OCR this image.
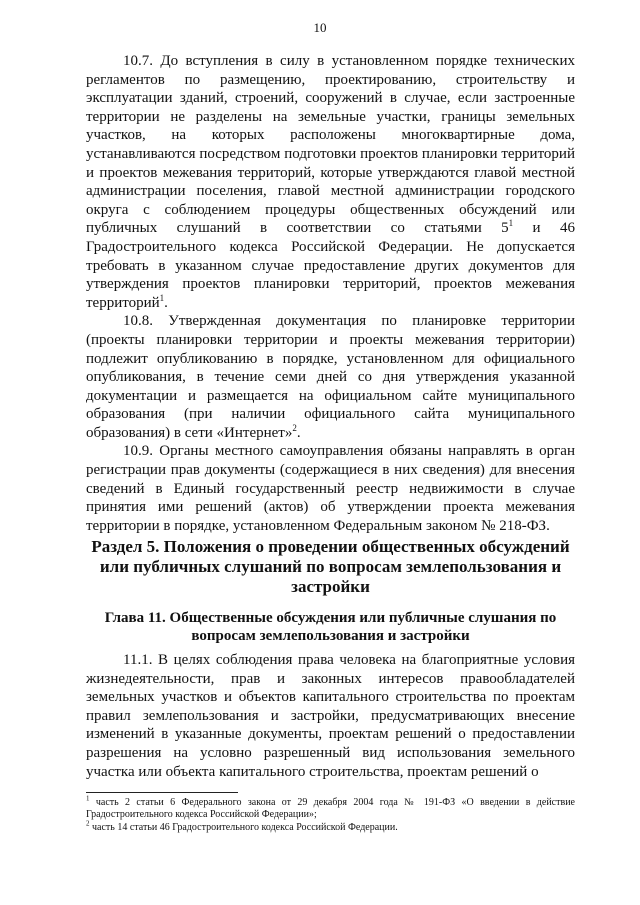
10

10.7. До вступления в силу в установленном порядке технических регламентов по размещению, проектированию, строительству и эксплуатации зданий, строений, сооружений в случае, если застроенные территории не разделены на земельные участки, границы земельных участков, на которых расположены многоквартирные дома, устанавливаются посредством подготовки проектов планировки территорий и проектов межевания территорий, которые утверждаются главой местной администрации поселения, главой местной администрации городского округа с соблюдением процедуры общественных обсуждений или публичных слушаний в соответствии со статьями $5^1$ и 46 Градостроительного кодекса Российской Федерации. Не допускается требовать в указанном случае предоставление других документов для утверждения проектов планировки территорий, проектов межевания территорий$^1$.

10.8. Утвержденная документация по планировке территории (проекты планировки территории и проекты межевания территории) подлежит опубликованию в порядке, установленном для официального опубликования, в течение семи дней со дня утверждения указанной документации и размещается на официальном сайте муниципального образования (при наличии официального сайта муниципального образования) в сети «Интернет»$^2$.

10.9. Органы местного самоуправления обязаны направлять в орган регистрации прав документы (содержащиеся в них сведения) для внесения сведений в Единый государственный реестр недвижимости в случае принятия ими решений (актов) об утверждении проекта межевания территории в порядке, установленном Федеральным законом № 218-ФЗ.

Раздел 5. Положения о проведении общественных обсуждений или публичных слушаний по вопросам землепользования и застройки
Глава 11. Общественные обсуждения или публичные слушания по вопросам землепользования и застройки

11.1. В целях соблюдения права человека на благоприятные условия жизнедеятельности, прав и законных интересов правообладателей земельных участков и объектов капитального строительства по проектам правил землепользования и застройки, предусматривающих внесение изменений в указанные документы, проектам решений о предоставлении разрешения на условно разрешенный вид использования земельного участка или объекта капитального строительства, проектам решений о

$^1$ часть 2 статьи 6 Федерального закона от 29 декабря 2004 года № 191-ФЗ «О введении в действие Градостроительного кодекса Российской Федерации»;

$^2$ часть 14 статьи 46 Градостроительного кодекса Российской Федерации.
